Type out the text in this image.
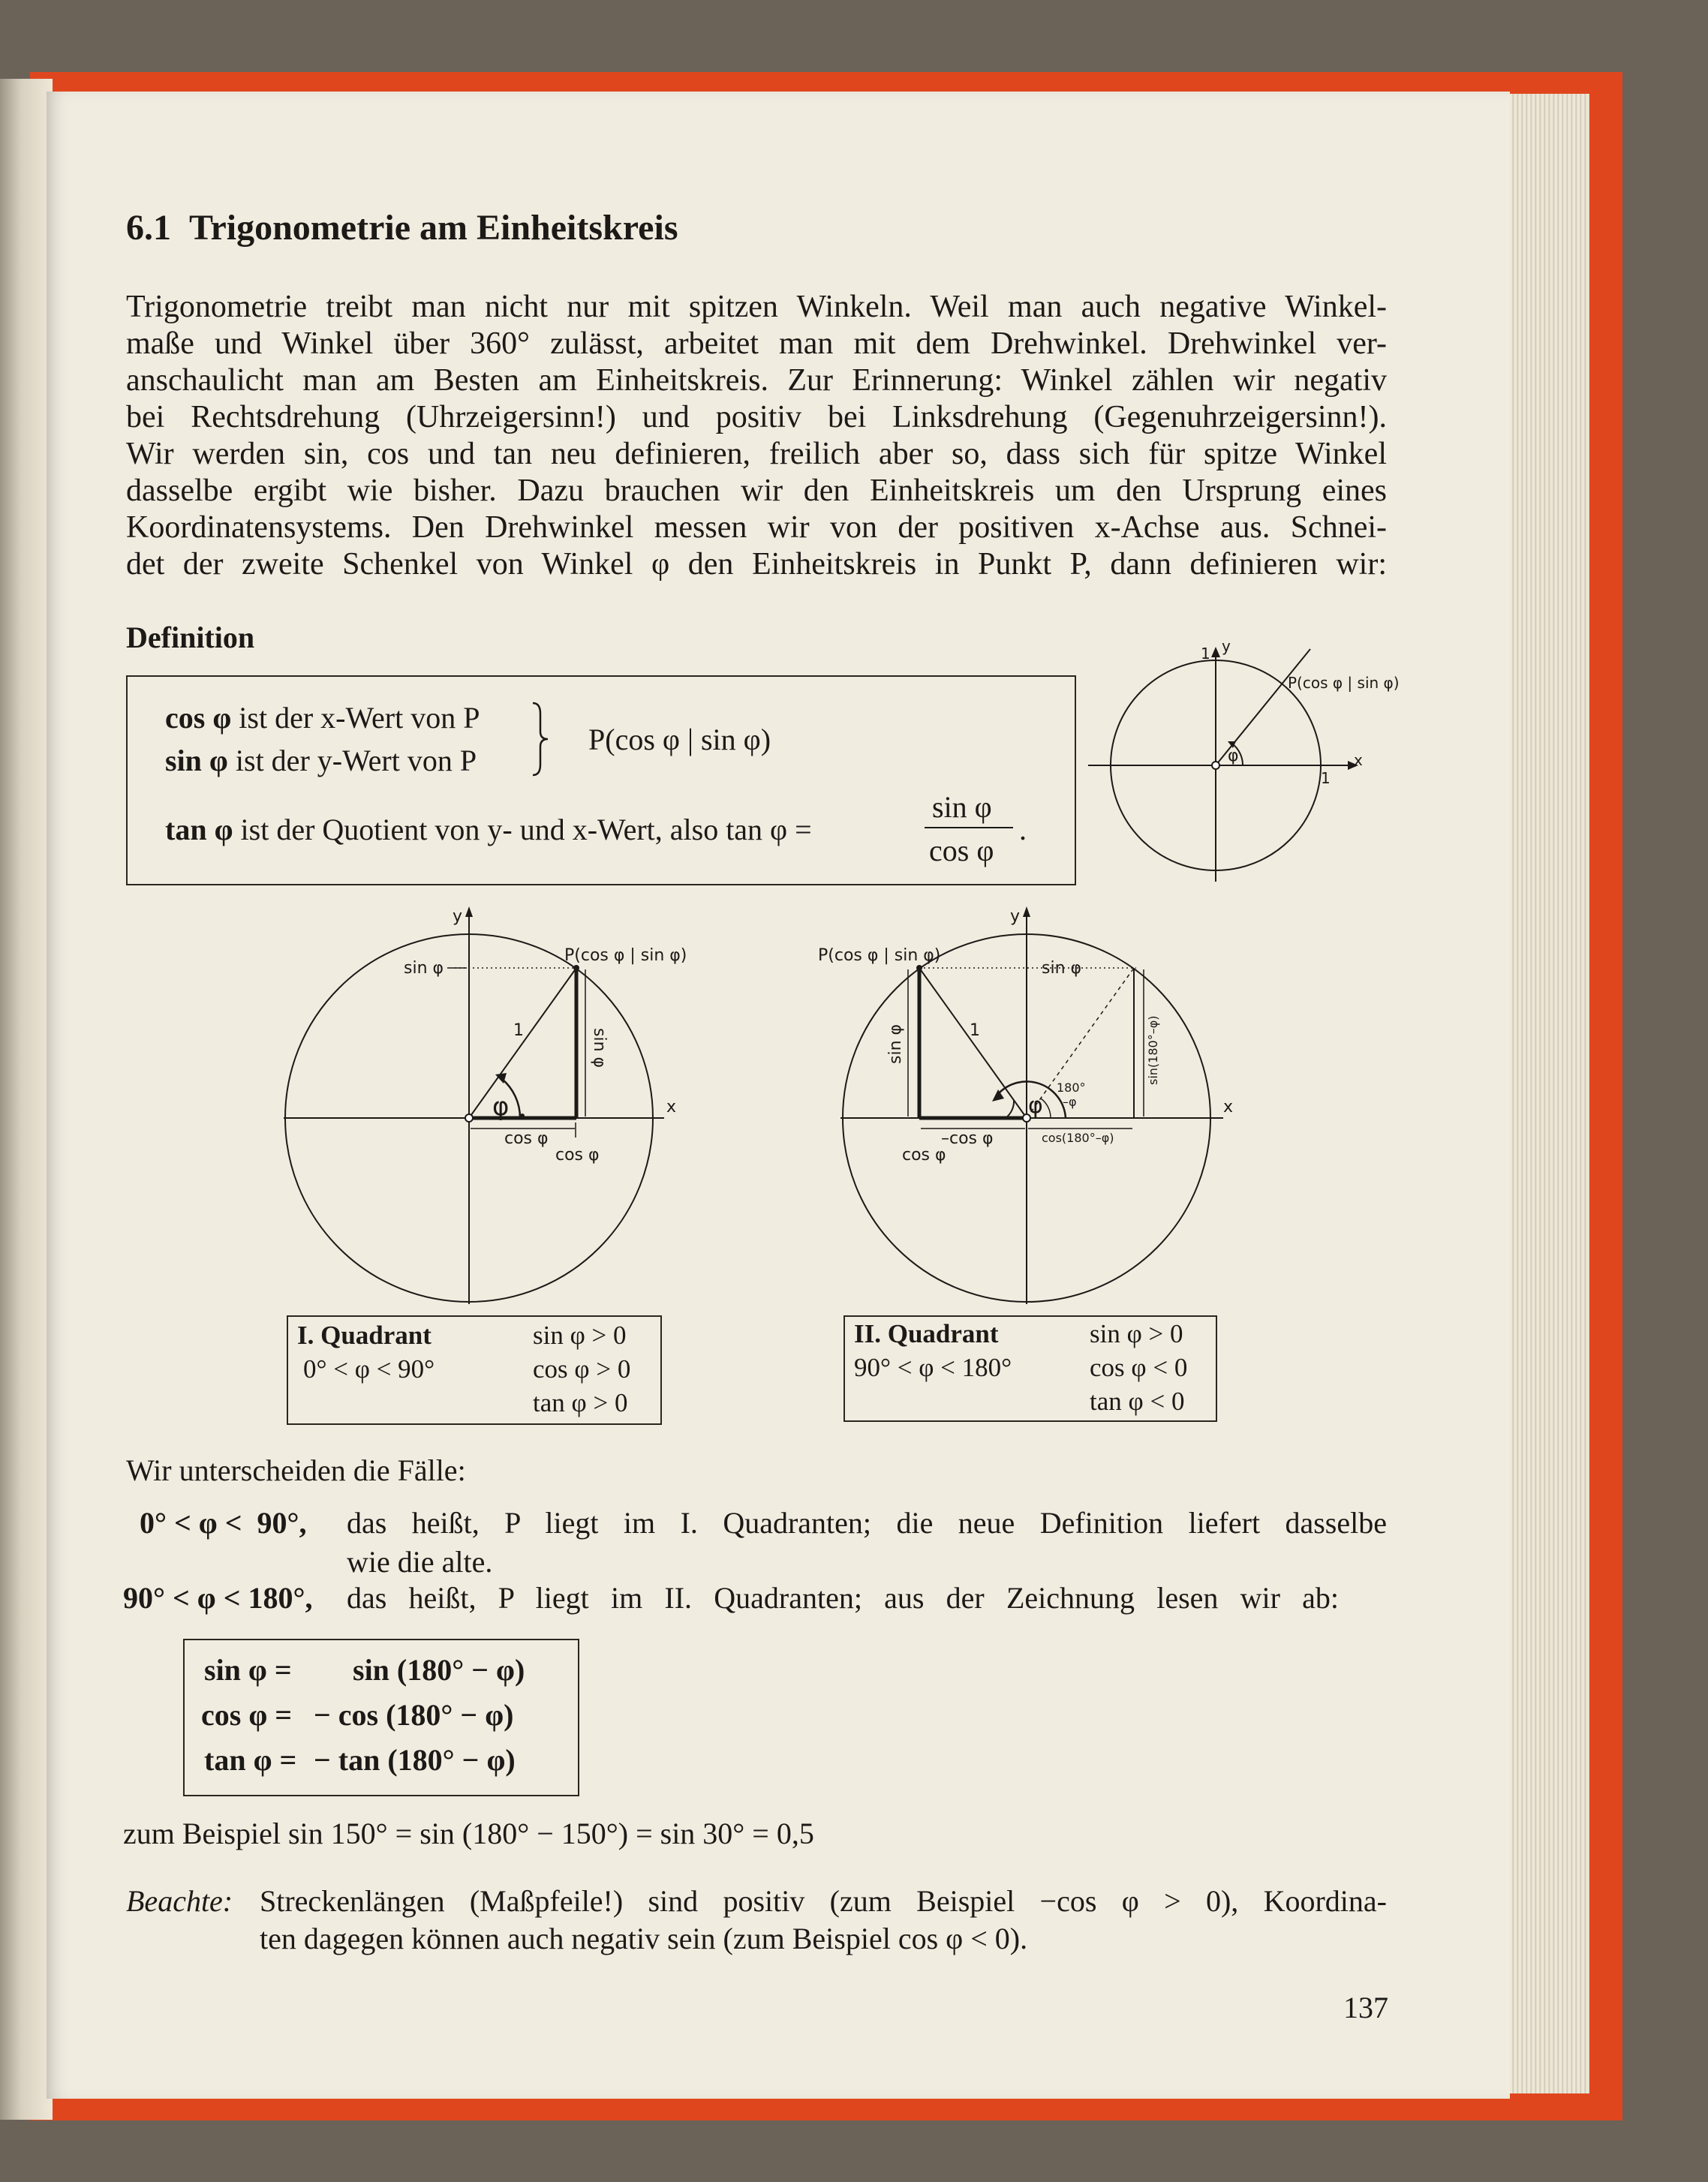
6.1 Trigonometrie am Einheitskreis
Trigonometrie treibt man nicht nur mit spitzen Winkeln. Weil man auch negative Winkel-
maße und Winkel über 360° zulässt, arbeitet man mit dem Drehwinkel. Drehwinkel ver-
anschaulicht man am Besten am Einheitskreis. Zur Erinnerung: Winkel zählen wir negativ
bei Rechtsdrehung (Uhrzeigersinn!) und positiv bei Linksdrehung (Gegenuhrzeigersinn!).
Wir werden sin, cos und tan neu definieren, freilich aber so, dass sich für spitze Winkel
dasselbe ergibt wie bisher. Dazu brauchen wir den Einheitskreis um den Ursprung eines
Koordinatensystems. Den Drehwinkel messen wir von der positiven x-Achse aus. Schnei-
det der zweite Schenkel von Winkel φ den Einheitskreis in Punkt P, dann definieren wir:
Definition
cos φ ist der x-Wert von P
sin φ ist der y-Wert von P
P(cos φ | sin φ)
tan φ ist der Quotient von y- und x-Wert, also tan φ =
sin φ
cos φ
.
y
1
x
1
P(cos φ | sin φ)
φ
x
y
P(cos φ | sin φ)
sin φ
1
φ
sin φ
cos φ
cos φ
x
y
P(cos φ | sin φ)
sin φ
1
φ
180°
–φ
sin φ	sin(180°–φ)
–cos φ
cos φ
cos(180°–φ)
I. Quadrant
0° < φ < 90°
sin φ > 0
cos φ > 0
tan φ > 0
II. Quadrant
90° < φ < 180°
sin φ > 0
cos φ < 0
tan φ < 0
Wir unterscheiden die Fälle:
0° < φ <  90°, das heißt, P liegt im I. Quadranten; die neue Definition liefert dasselbe
wie die alte.
90° < φ < 180°, das heißt, P liegt im II. Quadranten; aus der Zeichnung lesen wir ab:
sin φ = sin (180° − φ)
cos φ = − cos (180° − φ)
tan φ = − tan (180° − φ)
zum Beispiel sin 150° = sin (180° − 150°) = sin 30° = 0,5
Beachte: Streckenlängen (Maßpfeile!) sind positiv (zum Beispiel −cos φ > 0), Koordina-
ten dagegen können auch negativ sein (zum Beispiel cos φ < 0).
137
